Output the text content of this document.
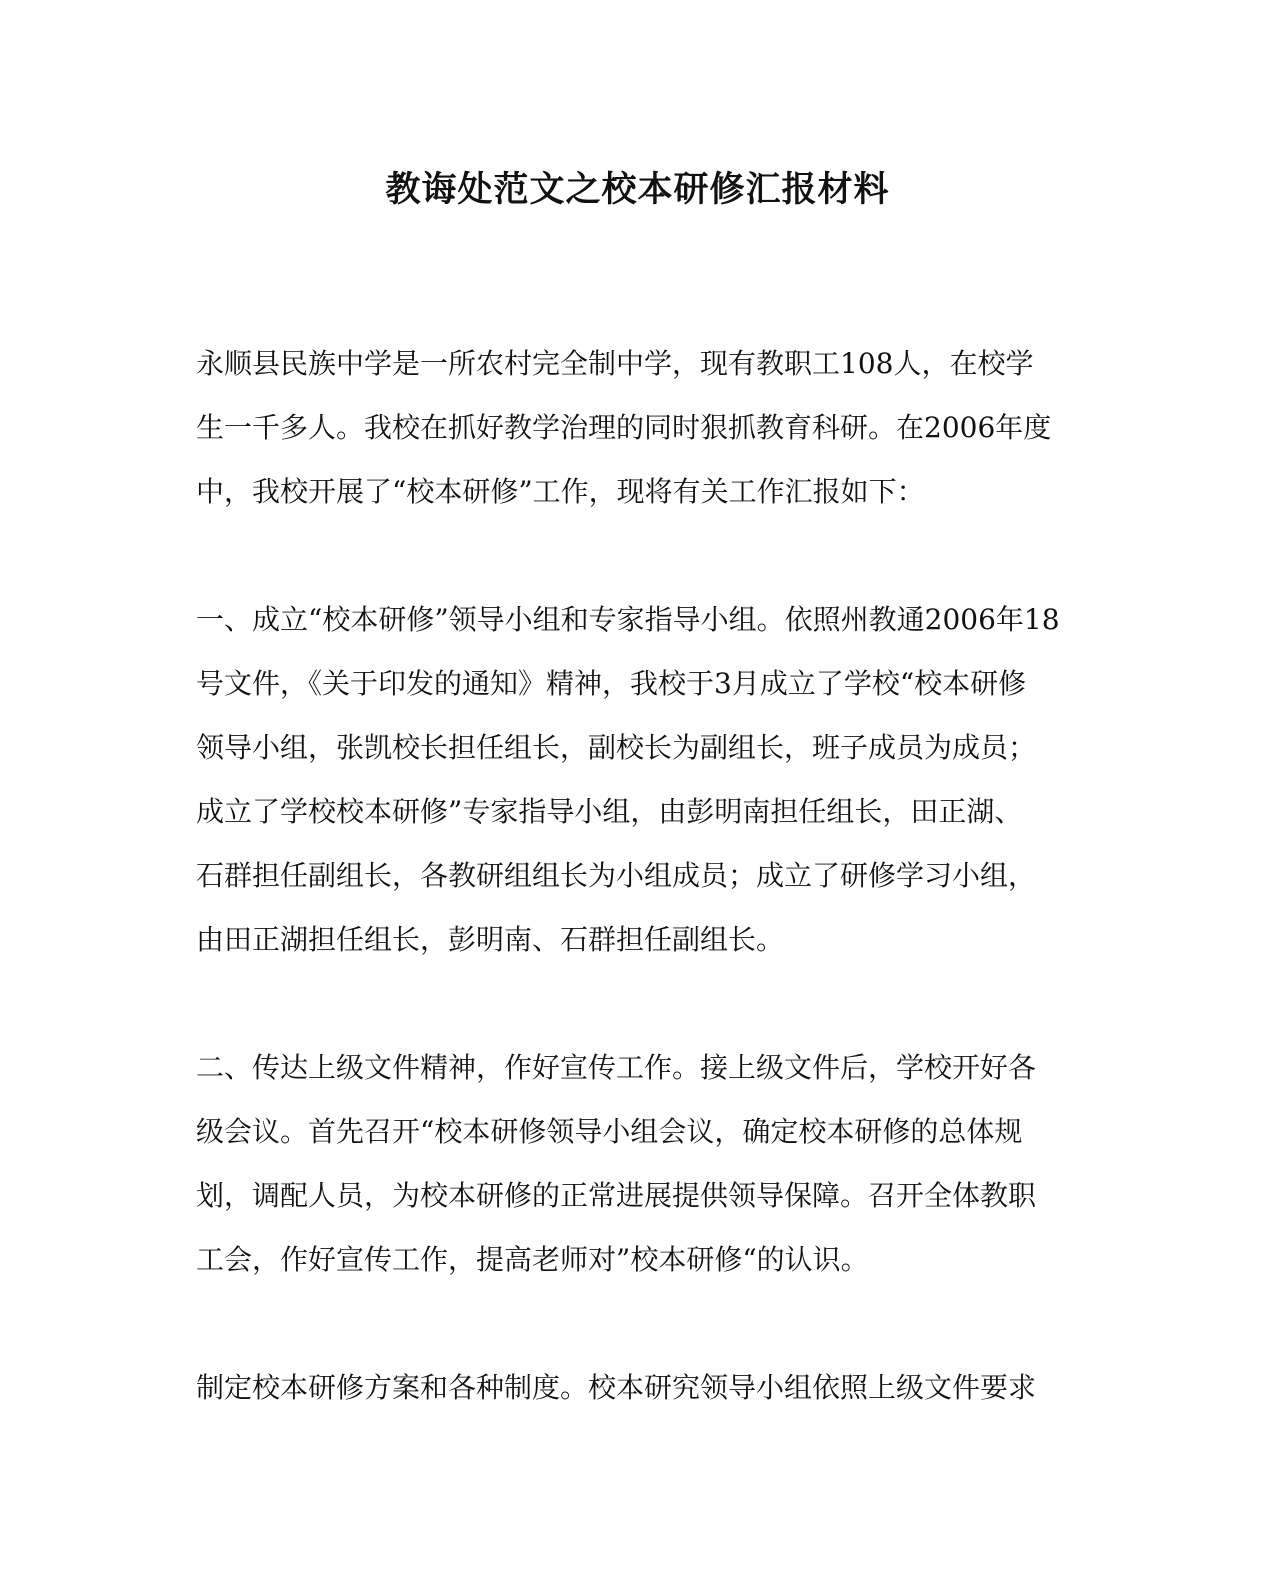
教诲处范文之校本研修汇报材料

永顺县民族中学是一所农村完全制中学，现有教职工108人，在校学

生一千多人。我校在抓好教学治理的同时狠抓教育科研。在2006年度

中，我校开展了“校本研修”工作，现将有关工作汇报如下：

一、成立“校本研修”领导小组和专家指导小组。依照州教通2006年18

号文件，《关于印发的通知》精神，我校于3月成立了学校“校本研修

领导小组，张凯校长担任组长，副校长为副组长，班子成员为成员；

成立了学校校本研修”专家指导小组，由彭明南担任组长，田正湖、

石群担任副组长，各教研组组长为小组成员；成立了研修学习小组，

由田正湖担任组长，彭明南、石群担任副组长。

二、传达上级文件精神，作好宣传工作。接上级文件后，学校开好各

级会议。首先召开“校本研修领导小组会议，确定校本研修的总体规

划，调配人员，为校本研修的正常进展提供领导保障。召开全体教职

工会，作好宣传工作，提高老师对”校本研修“的认识。

制定校本研修方案和各种制度。校本研究领导小组依照上级文件要求
